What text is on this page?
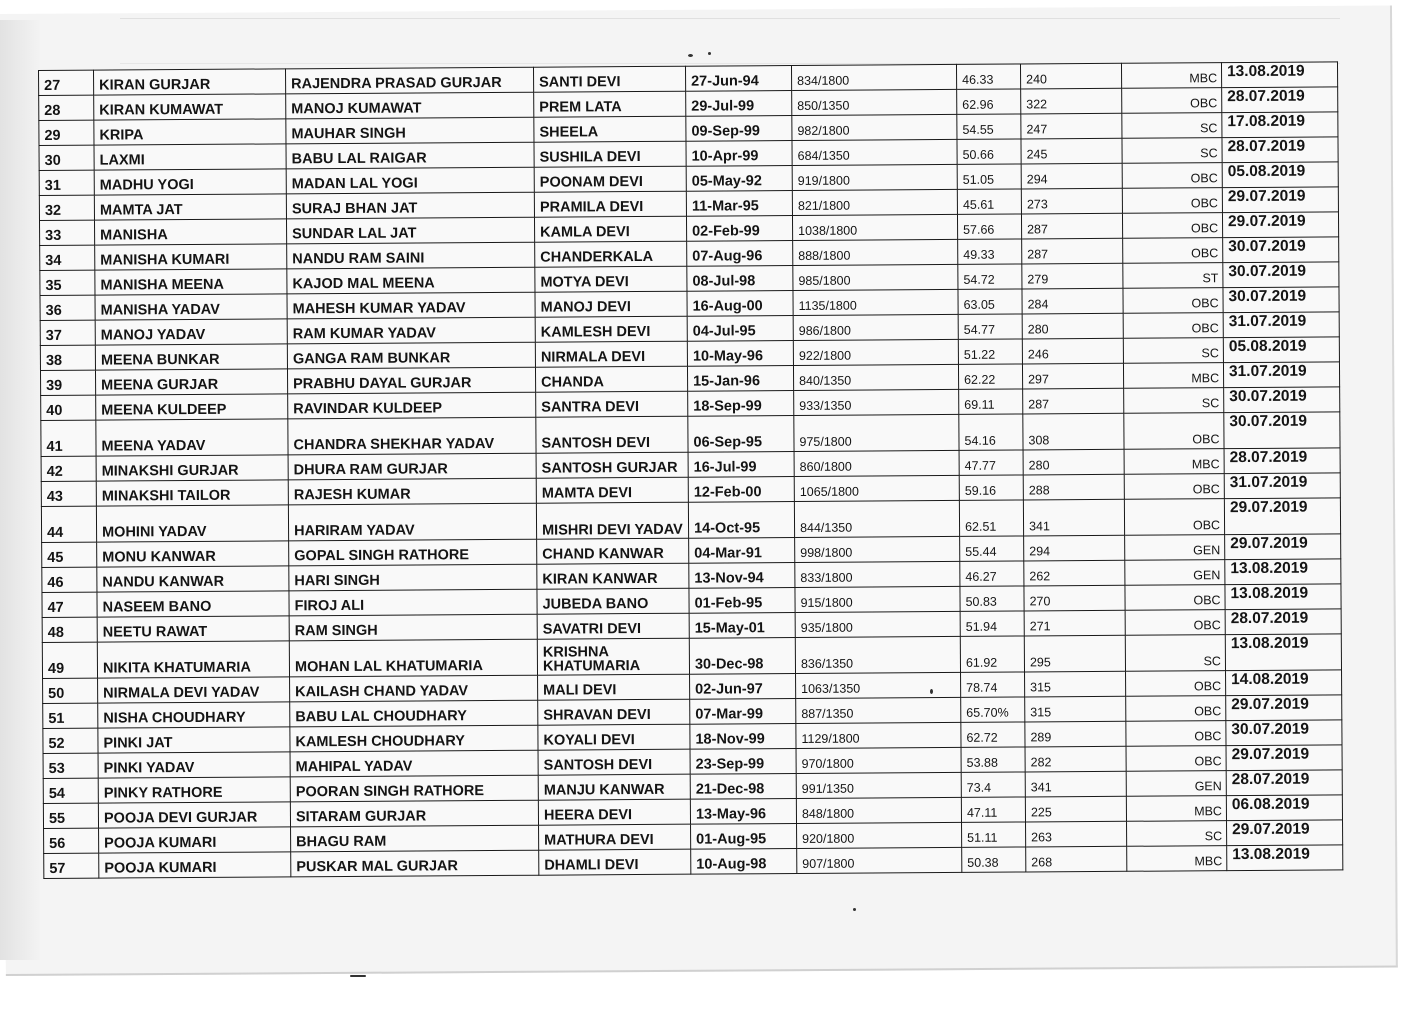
27	KIRAN GURJAR	RAJENDRA PRASAD GURJAR	SANTI DEVI	27-Jun-94	834/1800	46.33	240	MBC	13.08.2019
28	KIRAN KUMAWAT	MANOJ KUMAWAT	PREM LATA	29-Jul-99	850/1350	62.96	322	OBC	28.07.2019
29	KRIPA	MAUHAR SINGH	SHEELA	09-Sep-99	982/1800	54.55	247	SC	17.08.2019
30	LAXMI	BABU LAL RAIGAR	SUSHILA DEVI	10-Apr-99	684/1350	50.66	245	SC	28.07.2019
31	MADHU YOGI	MADAN LAL YOGI	POONAM DEVI	05-May-92	919/1800	51.05	294	OBC	05.08.2019
32	MAMTA JAT	SURAJ BHAN JAT	PRAMILA DEVI	11-Mar-95	821/1800	45.61	273	OBC	29.07.2019
33	MANISHA	SUNDAR LAL JAT	KAMLA DEVI	02-Feb-99	1038/1800	57.66	287	OBC	29.07.2019
34	MANISHA KUMARI	NANDU RAM SAINI	CHANDERKALA	07-Aug-96	888/1800	49.33	287	OBC	30.07.2019
35	MANISHA MEENA	KAJOD MAL MEENA	MOTYA DEVI	08-Jul-98	985/1800	54.72	279	ST	30.07.2019
36	MANISHA YADAV	MAHESH KUMAR YADAV	MANOJ DEVI	16-Aug-00	1135/1800	63.05	284	OBC	30.07.2019
37	MANOJ YADAV	RAM KUMAR YADAV	KAMLESH DEVI	04-Jul-95	986/1800	54.77	280	OBC	31.07.2019
38	MEENA BUNKAR	GANGA RAM BUNKAR	NIRMALA DEVI	10-May-96	922/1800	51.22	246	SC	05.08.2019
39	MEENA GURJAR	PRABHU DAYAL GURJAR	CHANDA	15-Jan-96	840/1350	62.22	297	MBC	31.07.2019
40	MEENA KULDEEP	RAVINDAR KULDEEP	SANTRA DEVI	18-Sep-99	933/1350	69.11	287	SC	30.07.2019
41	MEENA YADAV	CHANDRA SHEKHAR YADAV	SANTOSH DEVI	06-Sep-95	975/1800	54.16	308	OBC	30.07.2019
42	MINAKSHI GURJAR	DHURA RAM GURJAR	SANTOSH GURJAR	16-Jul-99	860/1800	47.77	280	MBC	28.07.2019
43	MINAKSHI TAILOR	RAJESH KUMAR	MAMTA DEVI	12-Feb-00	1065/1800	59.16	288	OBC	31.07.2019
44	MOHINI YADAV	HARIRAM YADAV	MISHRI DEVI YADAV	14-Oct-95	844/1350	62.51	341	OBC	29.07.2019
45	MONU KANWAR	GOPAL SINGH RATHORE	CHAND KANWAR	04-Mar-91	998/1800	55.44	294	GEN	29.07.2019
46	NANDU KANWAR	HARI SINGH	KIRAN KANWAR	13-Nov-94	833/1800	46.27	262	GEN	13.08.2019
47	NASEEM BANO	FIROJ ALI	JUBEDA BANO	01-Feb-95	915/1800	50.83	270	OBC	13.08.2019
48	NEETU RAWAT	RAM SINGH	SAVATRI DEVI	15-May-01	935/1800	51.94	271	OBC	28.07.2019
49	NIKITA KHATUMARIA	MOHAN LAL KHATUMARIA	KRISHNA KHATUMARIA	30-Dec-98	836/1350	61.92	295	SC	13.08.2019
50	NIRMALA DEVI YADAV	KAILASH CHAND YADAV	MALI DEVI	02-Jun-97	1063/1350	78.74	315	OBC	14.08.2019
51	NISHA CHOUDHARY	BABU LAL CHOUDHARY	SHRAVAN DEVI	07-Mar-99	887/1350	65.70%	315	OBC	29.07.2019
52	PINKI JAT	KAMLESH CHOUDHARY	KOYALI DEVI	18-Nov-99	1129/1800	62.72	289	OBC	30.07.2019
53	PINKI YADAV	MAHIPAL YADAV	SANTOSH DEVI	23-Sep-99	970/1800	53.88	282	OBC	29.07.2019
54	PINKY RATHORE	POORAN SINGH RATHORE	MANJU KANWAR	21-Dec-98	991/1350	73.4	341	GEN	28.07.2019
55	POOJA DEVI GURJAR	SITARAM GURJAR	HEERA DEVI	13-May-96	848/1800	47.11	225	MBC	06.08.2019
56	POOJA KUMARI	BHAGU RAM	MATHURA DEVI	01-Aug-95	920/1800	51.11	263	SC	29.07.2019
57	POOJA KUMARI	PUSKAR MAL GURJAR	DHAMLI DEVI	10-Aug-98	907/1800	50.38	268	MBC	13.08.2019
